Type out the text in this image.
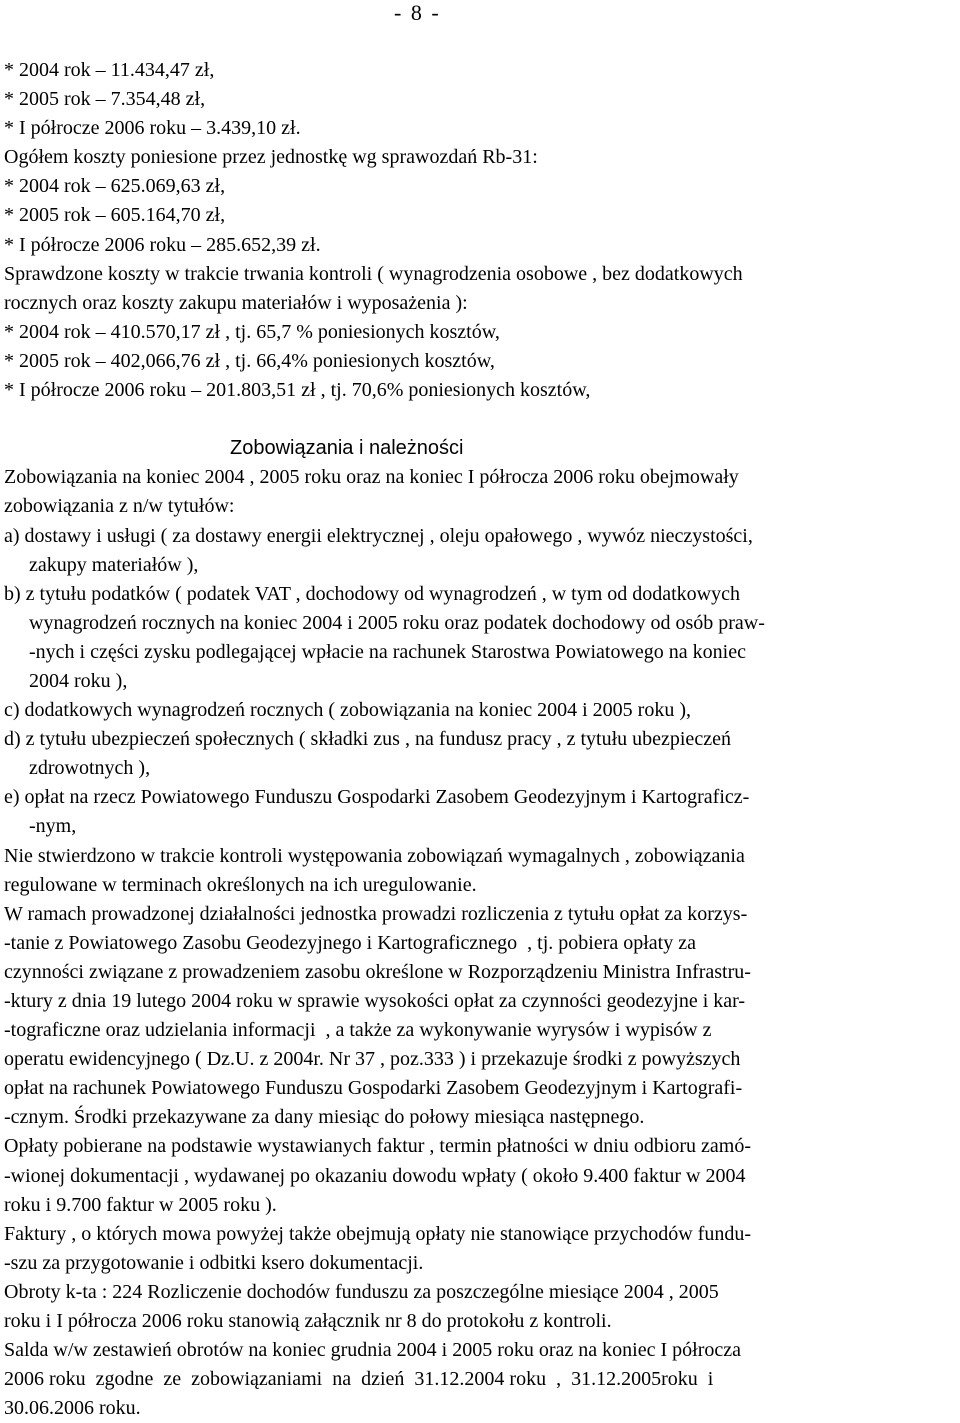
- 8 -
* 2004 rok – 11.434,47 zł,
* 2005 rok – 7.354,48 zł,
* I półrocze 2006 roku – 3.439,10 zł.
Ogółem koszty poniesione przez jednostkę wg sprawozdań Rb-31:
* 2004 rok – 625.069,63 zł,
* 2005 rok – 605.164,70 zł,
* I półrocze 2006 roku – 285.652,39 zł.
Sprawdzone koszty w trakcie trwania kontroli ( wynagrodzenia osobowe , bez dodatkowych
rocznych oraz koszty zakupu materiałów i wyposażenia ):
* 2004 rok – 410.570,17 zł , tj. 65,7 % poniesionych kosztów,
* 2005 rok – 402,066,76 zł , tj. 66,4% poniesionych kosztów,
* I półrocze 2006 roku – 201.803,51 zł , tj. 70,6% poniesionych kosztów,
Zobowiązania i należności
Zobowiązania na koniec 2004 , 2005 roku oraz na koniec I półrocza 2006 roku obejmowały
zobowiązania z n/w tytułów:
a) dostawy i usługi ( za dostawy energii elektrycznej , oleju opałowego , wywóz nieczystości,
zakupy materiałów ),
b) z tytułu podatków ( podatek VAT , dochodowy od wynagrodzeń , w tym od dodatkowych
wynagrodzeń rocznych na koniec 2004 i 2005 roku oraz podatek dochodowy od osób praw-
-nych i części zysku podlegającej wpłacie na rachunek Starostwa Powiatowego na koniec
2004 roku ),
c) dodatkowych wynagrodzeń rocznych ( zobowiązania na koniec 2004 i 2005 roku ),
d) z tytułu ubezpieczeń społecznych ( składki zus , na fundusz pracy , z tytułu ubezpieczeń
zdrowotnych ),
e) opłat na rzecz Powiatowego Funduszu Gospodarki Zasobem Geodezyjnym i Kartograficz-
-nym,
Nie stwierdzono w trakcie kontroli występowania zobowiązań wymagalnych , zobowiązania
regulowane w terminach określonych na ich uregulowanie.
W ramach prowadzonej działalności jednostka prowadzi rozliczenia z tytułu opłat za korzys-
-tanie z Powiatowego Zasobu Geodezyjnego i Kartograficznego  , tj. pobiera opłaty za
czynności związane z prowadzeniem zasobu określone w Rozporządzeniu Ministra Infrastru-
-ktury z dnia 19 lutego 2004 roku w sprawie wysokości opłat za czynności geodezyjne i kar-
-tograficzne oraz udzielania informacji  , a także za wykonywanie wyrysów i wypisów z
operatu ewidencyjnego ( Dz.U. z 2004r. Nr 37 , poz.333 ) i przekazuje środki z powyższych
opłat na rachunek Powiatowego Funduszu Gospodarki Zasobem Geodezyjnym i Kartografi-
-cznym. Środki przekazywane za dany miesiąc do połowy miesiąca następnego.
Opłaty pobierane na podstawie wystawianych faktur , termin płatności w dniu odbioru zamó-
-wionej dokumentacji , wydawanej po okazaniu dowodu wpłaty ( około 9.400 faktur w 2004
roku i 9.700 faktur w 2005 roku ).
Faktury , o których mowa powyżej także obejmują opłaty nie stanowiące przychodów fundu-
-szu za przygotowanie i odbitki ksero dokumentacji.
Obroty k-ta : 224 Rozliczenie dochodów funduszu za poszczególne miesiące 2004 , 2005
roku i I półrocza 2006 roku stanowią załącznik nr 8 do protokołu z kontroli.
Salda w/w zestawień obrotów na koniec grudnia 2004 i 2005 roku oraz na koniec I półrocza
2006 roku  zgodne  ze  zobowiązaniami  na  dzień  31.12.2004 roku  ,  31.12.2005roku  i
30.06.2006 roku.
